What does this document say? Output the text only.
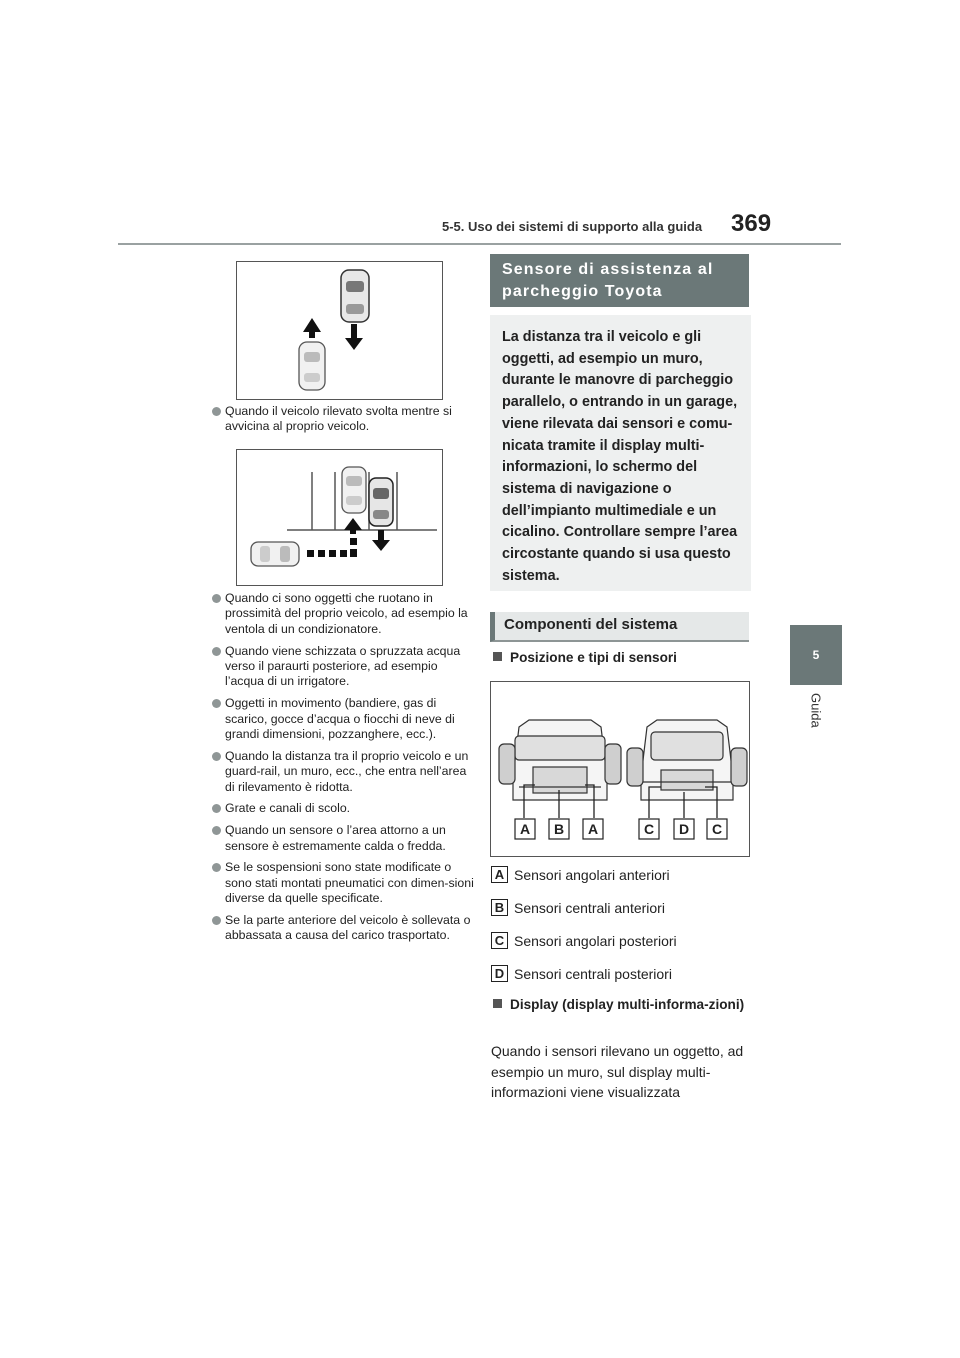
5-5. Uso dei sistemi di supporto alla guida 369
5
Guida
Quando il veicolo rilevato svolta mentre si avvicina al proprio veicolo.
Quando ci sono oggetti che ruotano in prossimità del proprio veicolo, ad esempio la ventola di un condizionatore.
Quando viene schizzata o spruzzata acqua verso il paraurti posteriore, ad esempio l’acqua di un irrigatore.
Oggetti in movimento (bandiere, gas di scarico, gocce d’acqua o fiocchi di neve di grandi dimensioni, pozzanghere, ecc.).
Quando la distanza tra il proprio veicolo e un guard-rail, un muro, ecc., che entra nell’area di rilevamento è ridotta.
Grate e canali di scolo.
Quando un sensore o l’area attorno a un sensore è estremamente calda o fredda.
Se le sospensioni sono state modificate o sono stati montati pneumatici con dimen-sioni diverse da quelle specificate.
Se la parte anteriore del veicolo è sollevata o abbassata a causa del carico trasportato.
Sensore di assistenza al parcheggio Toyota
La distanza tra il veicolo e gli oggetti, ad esempio un muro, durante le manovre di parcheggio parallelo, o entrando in un garage, viene rilevata dai sensori e comu-nicata tramite il display multi-informazioni, lo schermo del sistema di navigazione o dell’impianto multimediale e un cicalino. Controllare sempre l’area circostante quando si usa questo sistema.
Componenti del sistema
Posizione e tipi di sensori
A B A	C D C
A Sensori angolari anteriori
B Sensori centrali anteriori
C Sensori angolari posteriori
D Sensori centrali posteriori
Display (display multi-informa-zioni)
Quando i sensori rilevano un oggetto, ad esempio un muro, sul display multi-informazioni viene visualizzata
